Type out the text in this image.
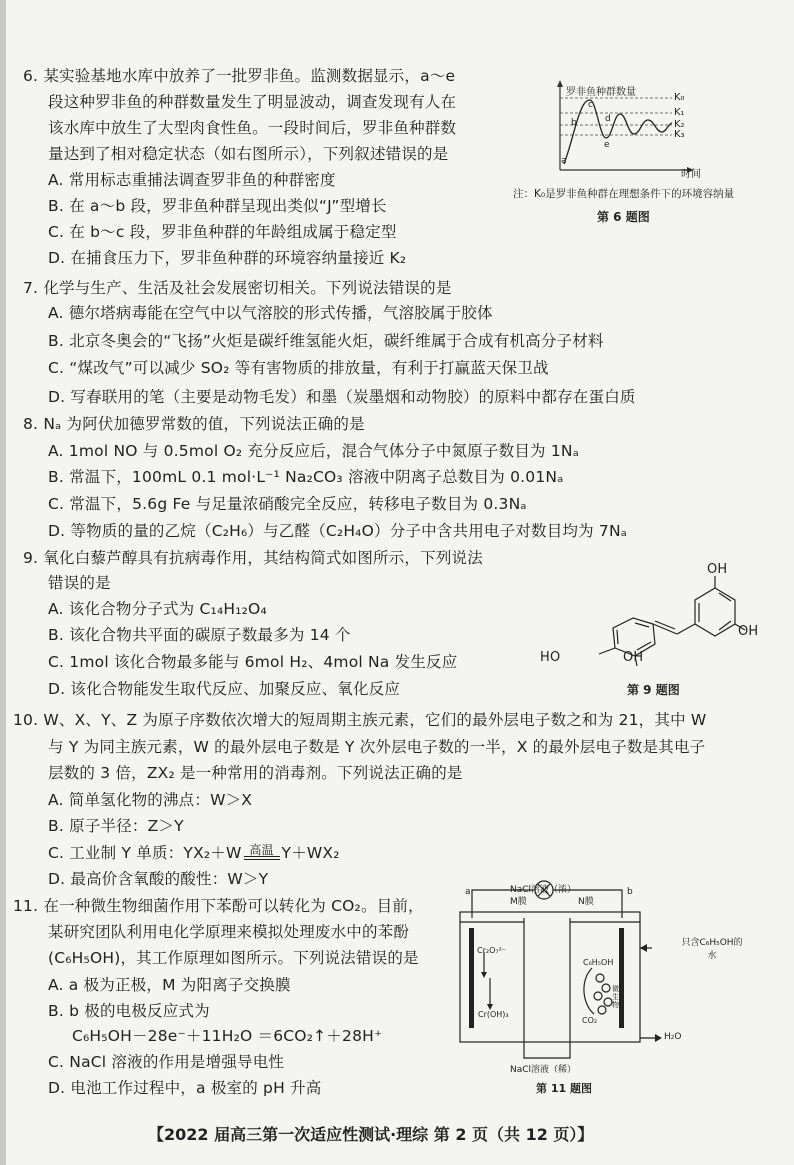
6. 某实验基地水库中放养了一批罗非鱼。监测数据显示，a～e
段这种罗非鱼的种群数量发生了明显波动，调查发现有人在
该水库中放生了大型肉食性鱼。一段时间后，罗非鱼种群数
量达到了相对稳定状态（如右图所示），下列叙述错误的是
A. 常用标志重捕法调查罗非鱼的种群密度
B. 在 a～b 段，罗非鱼种群呈现出类似“J”型增长
C. 在 b～c 段，罗非鱼种群的年龄组成属于稳定型
D. 在捕食压力下，罗非鱼种群的环境容纳量接近 K₂
罗非鱼种群数量
时间
K₀
K₁
K₂
K₃
a
b
c
d
e
注：K₀是罗非鱼种群在理想条件下的环境容纳量
第 6 题图
7. 化学与生产、生活及社会发展密切相关。下列说法错误的是
A. 德尔塔病毒能在空气中以气溶胶的形式传播，气溶胶属于胶体
B. 北京冬奥会的“飞扬”火炬是碳纤维氢能火炬，碳纤维属于合成有机高分子材料
C. “煤改气”可以减少 SO₂ 等有害物质的排放量，有利于打赢蓝天保卫战
D. 写春联用的笔（主要是动物毛发）和墨（炭墨烟和动物胶）的原料中都存在蛋白质
8. Nₐ 为阿伏加德罗常数的值，下列说法正确的是
A. 1mol NO 与 0.5mol O₂ 充分反应后，混合气体分子中氮原子数目为 1Nₐ
B. 常温下，100mL 0.1 mol·L⁻¹ Na₂CO₃ 溶液中阴离子总数目为 0.01Nₐ
C. 常温下，5.6g Fe 与足量浓硝酸完全反应，转移电子数目为 0.3Nₐ
D. 等物质的量的乙烷（C₂H₆）与乙醛（C₂H₄O）分子中含共用电子对数目均为 7Nₐ
9. 氧化白藜芦醇具有抗病毒作用，其结构简式如图所示，下列说法
错误的是
A. 该化合物分子式为 C₁₄H₁₂O₄
B. 该化合物共平面的碳原子数最多为 14 个
C. 1mol 该化合物最多能与 6mol H₂、4mol Na 发生反应
D. 该化合物能发生取代反应、加聚反应、氧化反应
OH
OH
HO	OH
第 9 题图
10. W、X、Y、Z 为原子序数依次增大的短周期主族元素，它们的最外层电子数之和为 21，其中 W
与 Y 为同主族元素，W 的最外层电子数是 Y 次外层电子数的一半，X 的最外层电子数是其电子
层数的 3 倍，ZX₂ 是一种常用的消毒剂。下列说法正确的是
A. 简单氢化物的沸点：W＞X
B. 原子半径：Z＞Y
C. 工业制 Y 单质：YX₂＋W $^{高温}$ Y＋WX₂
D. 最高价含氧酸的酸性：W＞Y
11. 在一种微生物细菌作用下苯酚可以转化为 CO₂。目前，
某研究团队利用电化学原理来模拟处理废水中的苯酚
(C₆H₅OH)，其工作原理如图所示。下列说法错误的是
A. a 极为正极，M 为阳离子交换膜
B. b 极的电极反应式为
C₆H₅OH－28e⁻＋11H₂O ＝6CO₂↑＋28H⁺
C. NaCl 溶液的作用是增强导电性
D. 电池工作过程中，a 极室的 pH 升高
NaCl溶液（浓）
M膜	N膜
a	b
只含C₆H₅OH的水
Cr₂O₇²⁻
Cr(OH)₃
C₆H₅OH
微生物
CO₂
H₂O
NaCl溶液（稀）
第 11 题图
【2022 届高三第一次适应性测试·理综 第 2 页（共 12 页）】
